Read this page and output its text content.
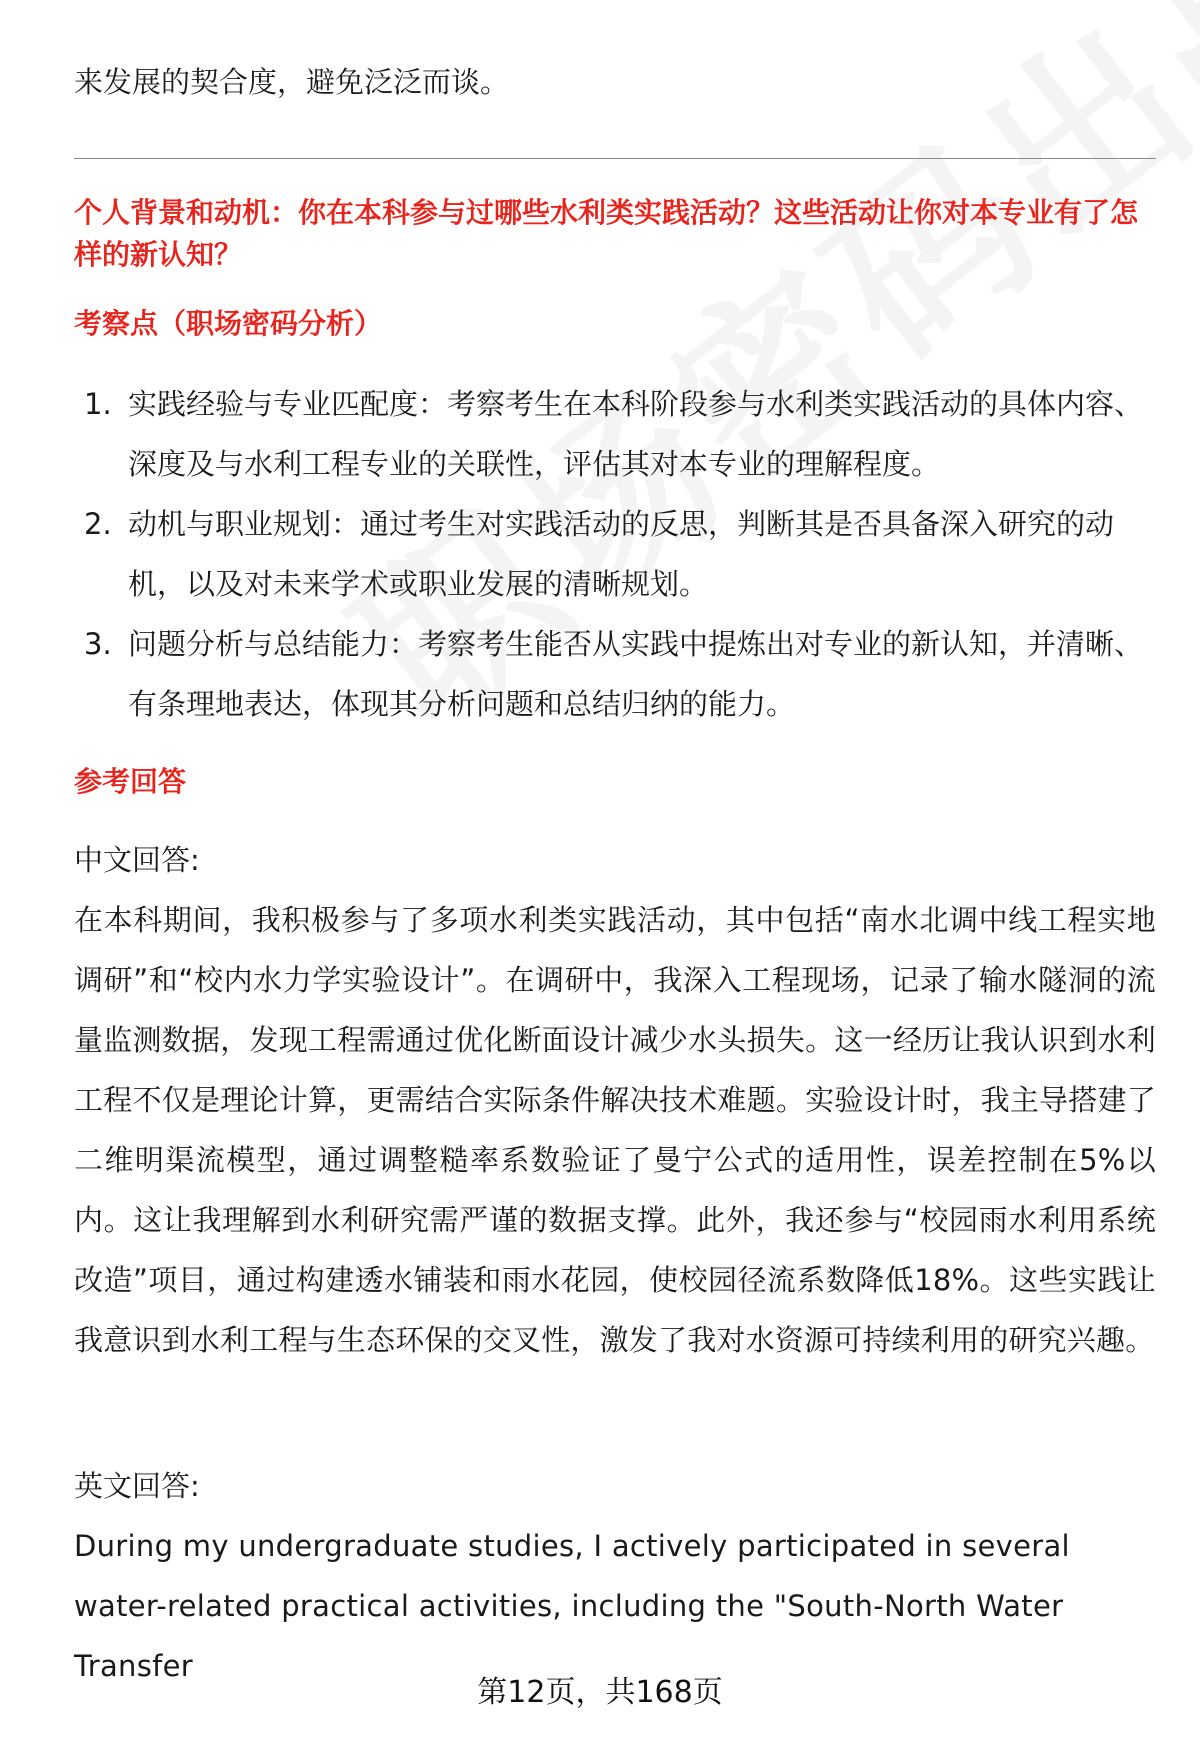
来发展的契合度，避免泛泛而谈。

个人背景和动机：你在本科参与过哪些水利类实践活动？这些活动让你对本专业有了怎样的新认知？

考察点（职场密码分析）
1. 实践经验与专业匹配度：考察考生在本科阶段参与水利类实践活动的具体内容、深度及与水利工程专业的关联性，评估其对本专业的理解程度。
2. 动机与职业规划：通过考生对实践活动的反思，判断其是否具备深入研究的动机，以及对未来学术或职业发展的清晰规划。
3. 问题分析与总结能力：考察考生能否从实践中提炼出对专业的新认知，并清晰、有条理地表达，体现其分析问题和总结归纳的能力。
参考回答
中文回答:

在本科期间，我积极参与了多项水利类实践活动，其中包括“南水北调中线工程实地调研”和“校内水力学实验设计”。在调研中，我深入工程现场，记录了输水隧洞的流量监测数据，发现工程需通过优化断面设计减少水头损失。这一经历让我认识到水利工程不仅是理论计算，更需结合实际条件解决技术难题。实验设计时，我主导搭建了二维明渠流模型，通过调整糙率系数验证了曼宁公式的适用性，误差控制在5%以内。这让我理解到水利研究需严谨的数据支撑。此外，我还参与“校园雨水利用系统改造”项目，通过构建透水铺装和雨水花园，使校园径流系数降低18%。这些实践让我意识到水利工程与生态环保的交叉性，激发了我对水资源可持续利用的研究兴趣。

英文回答:

During my undergraduate studies, I actively participated in several water-related practical activities, including the "South-North Water Transfer

第12页，共168页
